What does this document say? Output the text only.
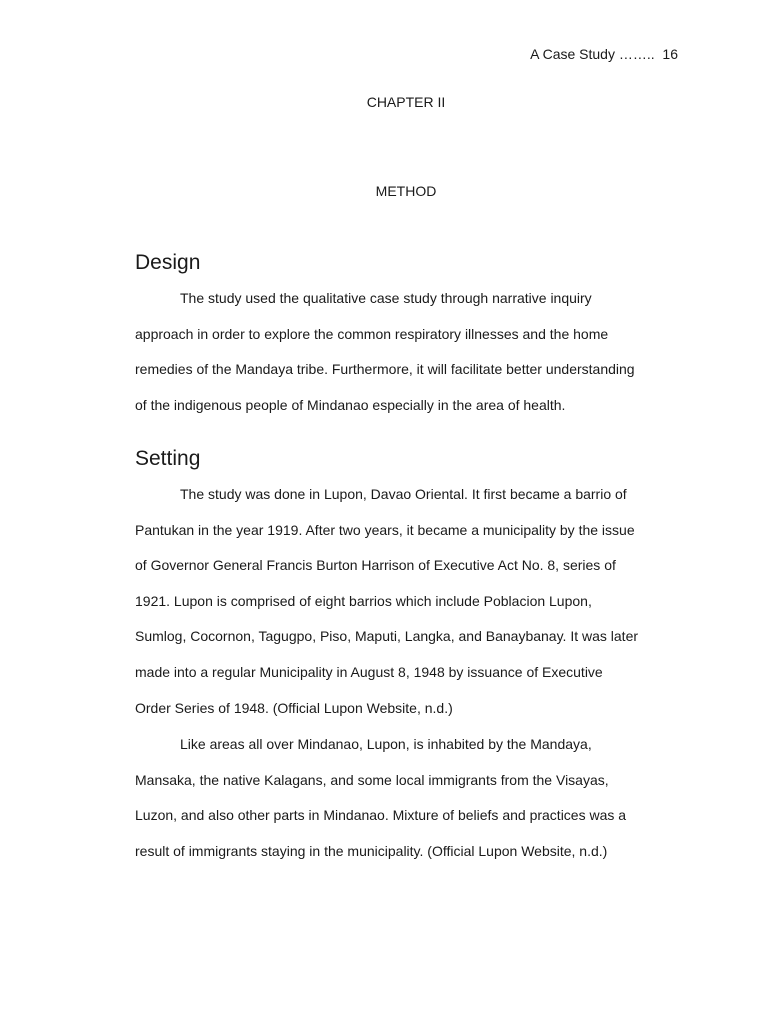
A Case Study ……..  16
CHAPTER II
METHOD
Design
The study used the qualitative case study through narrative inquiry
approach in order to explore the common respiratory illnesses and the home
remedies of the Mandaya tribe. Furthermore, it will facilitate better understanding
of the indigenous people of Mindanao especially in the area of health.
Setting
The study was done in Lupon, Davao Oriental. It first became a barrio of
Pantukan in the year 1919. After two years, it became a municipality by the issue
of Governor General Francis Burton Harrison of Executive Act No. 8, series of
1921. Lupon is comprised of eight barrios which include Poblacion Lupon,
Sumlog, Cocornon, Tagugpo, Piso, Maputi, Langka, and Banaybanay. It was later
made into a regular Municipality in August 8, 1948 by issuance of Executive
Order Series of 1948. (Official Lupon Website, n.d.)
Like areas all over Mindanao, Lupon, is inhabited by the Mandaya,
Mansaka, the native Kalagans, and some local immigrants from the Visayas,
Luzon, and also other parts in Mindanao. Mixture of beliefs and practices was a
result of immigrants staying in the municipality. (Official Lupon Website, n.d.)
